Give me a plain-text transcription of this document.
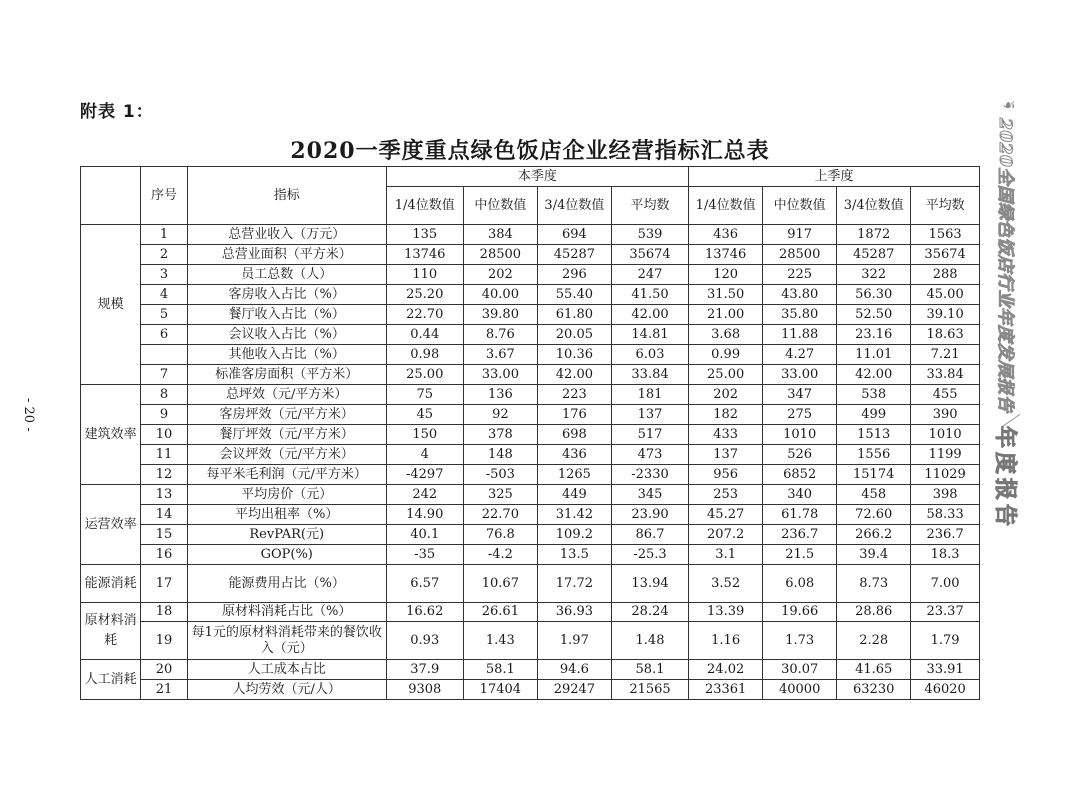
附表 1：
2020一季度重点绿色饭店企业经营指标汇总表
- 20 -
☙
2020全国绿色饭店行业年度发展报告
年度报告
	序号	指标	本季度				上季度			
			1/4位数值	中位数值	3/4位数值	平均数	1/4位数值	中位数值	3/4位数值	平均数
规模	1	总营业收入（万元）	135	384	694	539	436	917	1872	1563
	2	总营业面积（平方米）	13746	28500	45287	35674	13746	28500	45287	35674
	3	员工总数（人）	110	202	296	247	120	225	322	288
	4	客房收入占比（%）	25.20	40.00	55.40	41.50	31.50	43.80	56.30	45.00
	5	餐厅收入占比（%）	22.70	39.80	61.80	42.00	21.00	35.80	52.50	39.10
	6	会议收入占比（%）	0.44	8.76	20.05	14.81	3.68	11.88	23.16	18.63
		其他收入占比（%）	0.98	3.67	10.36	6.03	0.99	4.27	11.01	7.21
	7	标准客房面积（平方米）	25.00	33.00	42.00	33.84	25.00	33.00	42.00	33.84
建筑效率	8	总坪效（元/平方米）	75	136	223	181	202	347	538	455
	9	客房坪效（元/平方米）	45	92	176	137	182	275	499	390
	10	餐厅坪效（元/平方米）	150	378	698	517	433	1010	1513	1010
	11	会议坪效（元/平方米）	4	148	436	473	137	526	1556	1199
	12	每平米毛利润（元/平方米）	-4297	-503	1265	-2330	956	6852	15174	11029
运营效率	13	平均房价（元）	242	325	449	345	253	340	458	398
	14	平均出租率（%）	14.90	22.70	31.42	23.90	45.27	61.78	72.60	58.33
	15	RevPAR(元)	40.1	76.8	109.2	86.7	207.2	236.7	266.2	236.7
	16	GOP(%)	-35	-4.2	13.5	-25.3	3.1	21.5	39.4	18.3
能源消耗	17	能源费用占比（%）	6.57	10.67	17.72	13.94	3.52	6.08	8.73	7.00
原材料消耗	18	原材料消耗占比（%）	16.62	26.61	36.93	28.24	13.39	19.66	28.86	23.37
	19	每1元的原材料消耗带来的餐饮收入（元）	0.93	1.43	1.97	1.48	1.16	1.73	2.28	1.79
人工消耗	20	人工成本占比	37.9	58.1	94.6	58.1	24.02	30.07	41.65	33.91
	21	人均劳效（元/人）	9308	17404	29247	21565	23361	40000	63230	46020
